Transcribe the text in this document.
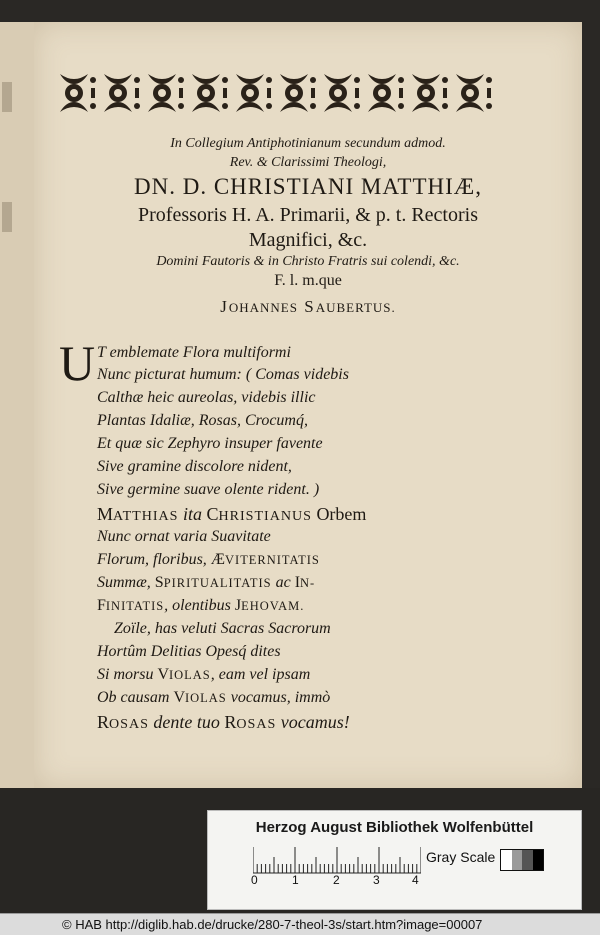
In Collegium Antiphotinianum secundum admod.
Rev. & Clarissimi Theologi,
DN. D. CHRISTIANI MATTHIÆ,
Professoris H. A. Primarii, & p. t. Rectoris
Magnifici, &c.
Domini Fautoris & in Christo Fratris sui colendi, &c.
F. l. m.que
JOHANNES SAUBERTUS.
U T emblemate Flora multiformi
Nunc picturat humum: ( Comas videbis
Calthæ heic aureolas, videbis illic
Plantas Idaliæ, Rosas, Crocumq́,
Et quæ sic Zephyro insuper favente
Sive gramine discolore nident,
Sive germine suave olente rident. )
MATTHIAS ita CHRISTIANUS Orbem
Nunc ornat varia Suavitate
Florum, floribus, ÆVITERNITATIS
Summæ, SPIRITUALITATIS ac IN-
FINITATIS, olentibus JEHOVAM.
Zoïle, has veluti Sacras Sacrorum
Hortûm Delitias Opesq́ dites
Si morsu VIOLAS, eam vel ipsam
Ob causam VIOLAS vocamus, immò
ROSAS dente tuo ROSAS vocamus!
Herzog August Bibliothek Wolfenbüttel
0	1	2	3	4
Gray Scale
© HAB http://diglib.hab.de/drucke/280-7-theol-3s/start.htm?image=00007
